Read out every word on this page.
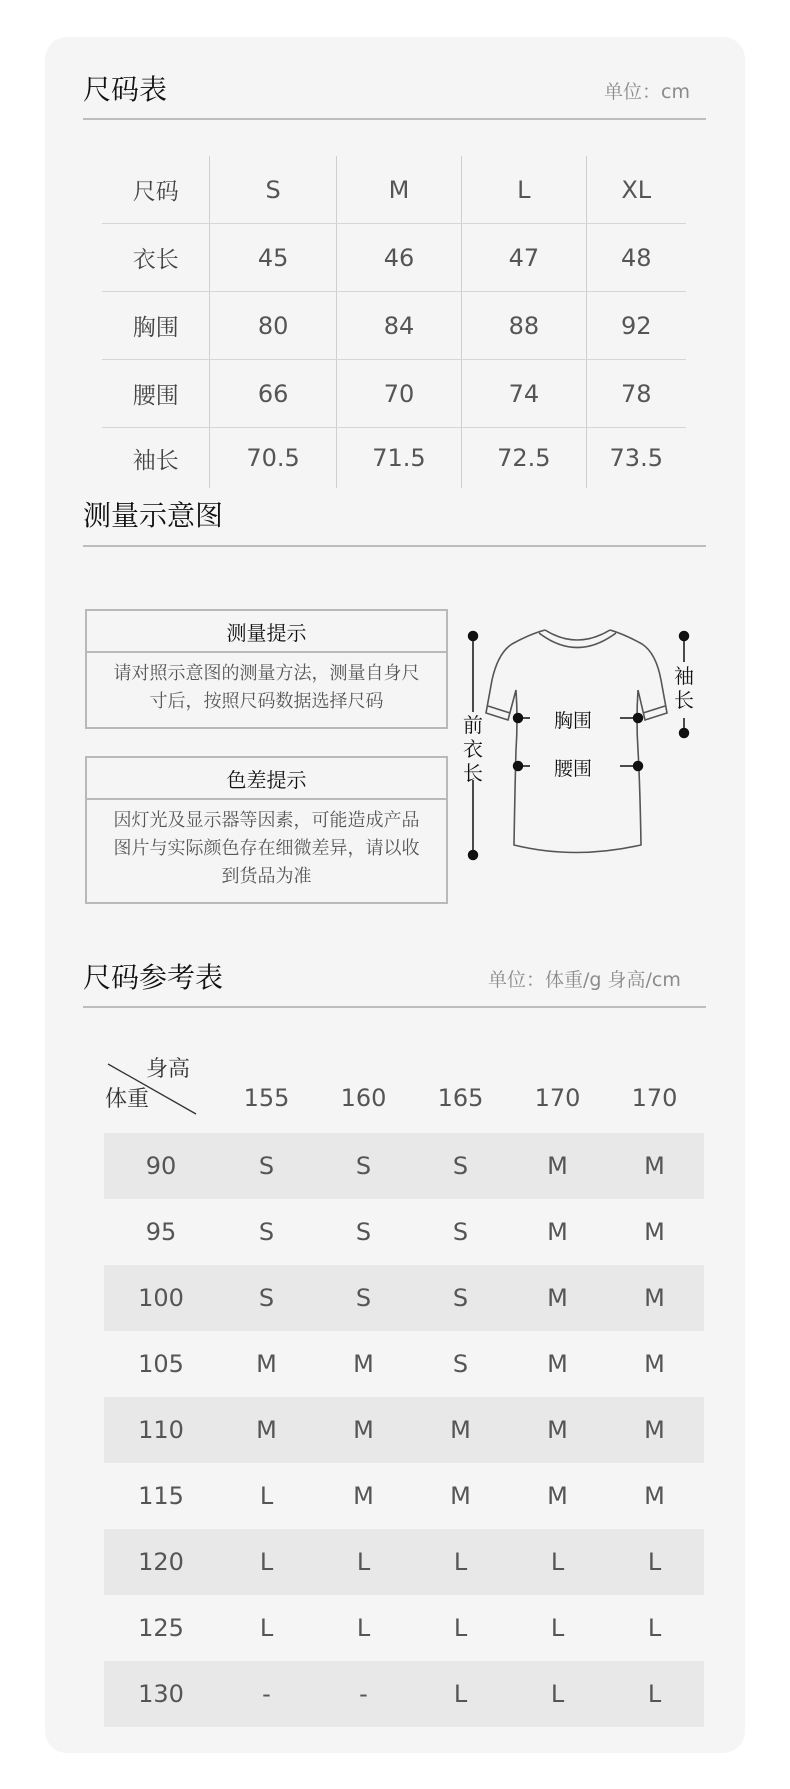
尺码表	单位：cm
尺码	S	M	L	XL
衣长	45	46	47	48
胸围	80	84	88	92
腰围	66	70	74	78
袖长	70.5	71.5	72.5	73.5
测量示意图
测量提示
请对照示意图的测量方法，测量自身尺寸后，按照尺码数据选择尺码
色差提示
因灯光及显示器等因素，可能造成产品图片与实际颜色存在细微差异，请以收到货品为准
前衣长
袖长
胸围
腰围
尺码参考表	单位：体重/g 身高/cm
身高
体重	155	160	165	170	170
90	S	S	S	M	M
95	S	S	S	M	M
100	S	S	S	M	M
105	M	M	S	M	M
110	M	M	M	M	M
115	L	M	M	M	M
120	L	L	L	L	L
125	L	L	L	L	L
130	-	-	L	L	L
